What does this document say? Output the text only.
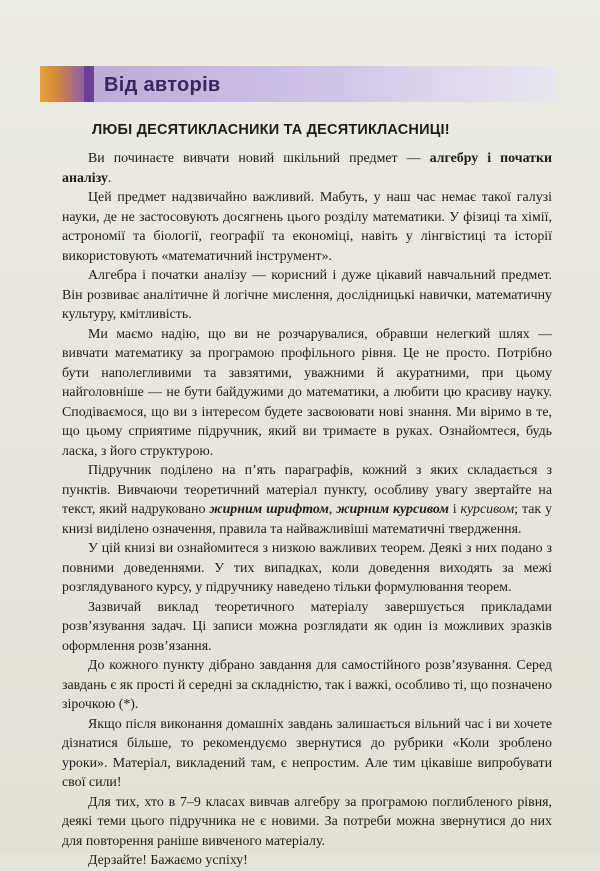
Від авторів
ЛЮБІ ДЕСЯТИКЛАСНИКИ ТА ДЕСЯТИКЛАСНИЦІ!

Ви починаєте вивчати новий шкільний предмет — алгебру і початки аналізу.

Цей предмет надзвичайно важливий. Мабуть, у наш час немає такої галузі науки, де не застосовують досягнень цього розділу математики. У фізиці та хімії, астрономії та біології, географії та економіці, навіть у лінгвістиці та історії використовують «математичний інструмент».

Алгебра і початки аналізу — корисний і дуже цікавий навчальний предмет. Він розвиває аналітичне й логічне мислення, дослідницькі навички, математичну культуру, кмітливість.

Ми маємо надію, що ви не розчарувалися, обравши нелегкий шлях — вивчати математику за програмою профільного рівня. Це не просто. Потрібно бути наполегливими та завзятими, уважними й акуратними, при цьому найголовніше — не бути байдужими до математики, а любити цю красиву науку. Сподіваємося, що ви з інтересом будете засвоювати нові знання. Ми віримо в те, що цьому сприятиме підручник, який ви тримаєте в руках. Ознайомтеся, будь ласка, з його структурою.

Підручник поділено на п’ять параграфів, кожний з яких складається з пунктів. Вивчаючи теоретичний матеріал пункту, особливу увагу звертайте на текст, який надруковано жирним шрифтом, жирним курсивом і курсивом; так у книзі виділено означення, правила та найважливіші математичні твердження.

У цій книзі ви ознайомитеся з низкою важливих теорем. Деякі з них подано з повними доведеннями. У тих випадках, коли доведення виходять за межі розглядуваного курсу, у підручнику наведено тільки формулювання теорем.

Зазвичай виклад теоретичного матеріалу завершується прикладами розв’язування задач. Ці записи можна розглядати як один із можливих зразків оформлення розв’язання.

До кожного пункту дібрано завдання для самостійного розв’язування. Серед завдань є як прості й середні за складністю, так і важкі, особливо ті, що позначено зірочкою (*).

Якщо після виконання домашніх завдань залишається вільний час і ви хочете дізнатися більше, то рекомендуємо звернутися до рубрики «Коли зроблено уроки». Матеріал, викладений там, є непростим. Але тим цікавіше випробувати свої сили!

Для тих, хто в 7–9 класах вивчав алгебру за програмою поглибленого рівня, деякі теми цього підручника не є новими. За потреби можна звернутися до них для повторення раніше вивченого матеріалу.

Дерзайте! Бажаємо успіху!
